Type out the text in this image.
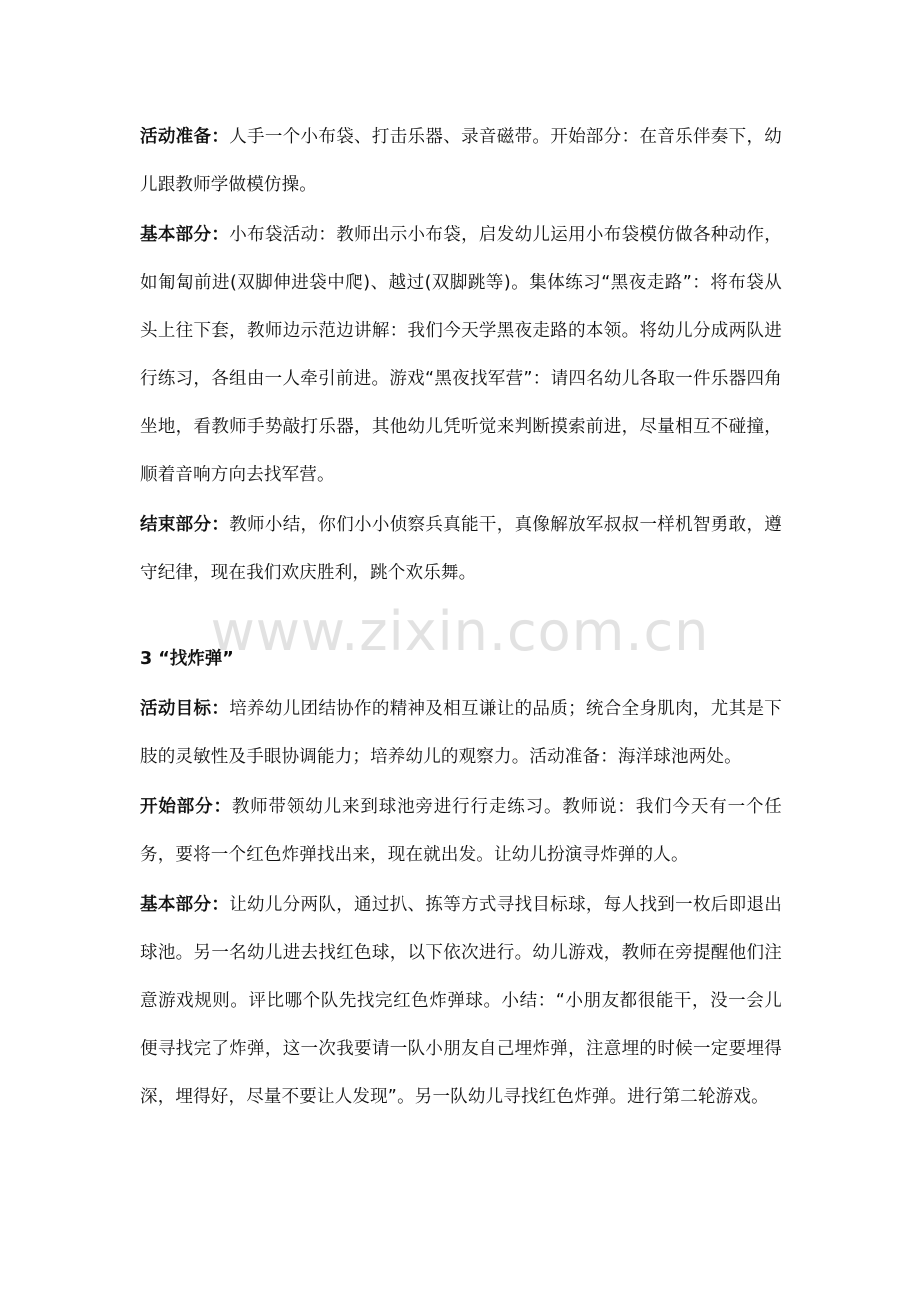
活动准备：人手一个小布袋、打击乐器、录音磁带。开始部分：在音乐伴奏下，幼儿跟教师学做模仿操。

基本部分：小布袋活动：教师出示小布袋，启发幼儿运用小布袋模仿做各种动作，如匍匐前进(双脚伸进袋中爬)、越过(双脚跳等)。集体练习“黑夜走路”：将布袋从头上往下套，教师边示范边讲解：我们今天学黑夜走路的本领。将幼儿分成两队进行练习，各组由一人牵引前进。游戏“黑夜找军营”：请四名幼儿各取一件乐器四角坐地，看教师手势敲打乐器，其他幼儿凭听觉来判断摸索前进，尽量相互不碰撞，顺着音响方向去找军营。

结束部分：教师小结，你们小小侦察兵真能干，真像解放军叔叔一样机智勇敢，遵守纪律，现在我们欢庆胜利，跳个欢乐舞。

3 “找炸弹”

活动目标：培养幼儿团结协作的精神及相互谦让的品质；统合全身肌肉，尤其是下肢的灵敏性及手眼协调能力；培养幼儿的观察力。活动准备：海洋球池两处。

开始部分：教师带领幼儿来到球池旁进行行走练习。教师说：我们今天有一个任务，要将一个红色炸弹找出来，现在就出发。让幼儿扮演寻炸弹的人。

基本部分：让幼儿分两队，通过扒、拣等方式寻找目标球，每人找到一枚后即退出球池。另一名幼儿进去找红色球，以下依次进行。幼儿游戏，教师在旁提醒他们注意游戏规则。评比哪个队先找完红色炸弹球。小结：“小朋友都很能干，没一会儿便寻找完了炸弹，这一次我要请一队小朋友自己埋炸弹，注意埋的时候一定要埋得深，埋得好，尽量不要让人发现”。另一队幼儿寻找红色炸弹。进行第二轮游戏。

www.zixin.com.cn
